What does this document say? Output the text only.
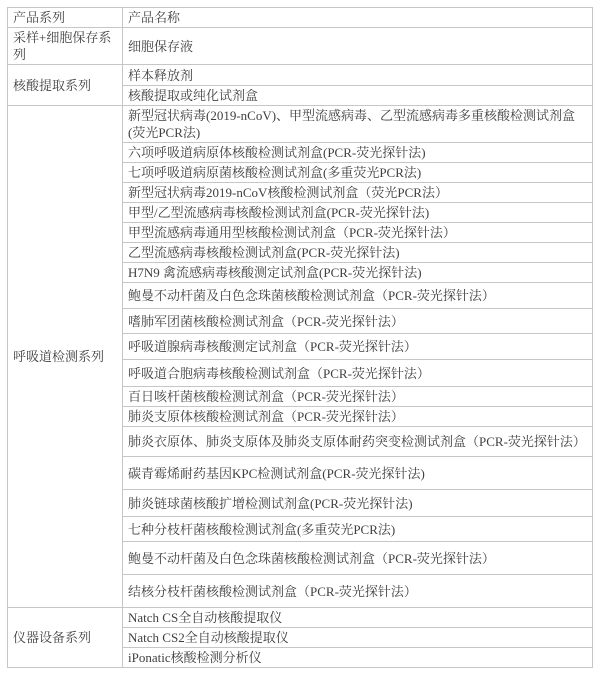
产品系列	产品名称
采样+细胞保存系列	细胞保存液
核酸提取系列	样本释放剂
	核酸提取或纯化试剂盒
呼吸道检测系列	新型冠状病毒(2019-nCoV)、甲型流感病毒、乙型流感病毒多重核酸检测试剂盒(荧光PCR法)
	六项呼吸道病原体核酸检测试剂盒(PCR-荧光探针法)
	七项呼吸道病原菌核酸检测试剂盒(多重荧光PCR法)
	新型冠状病毒2019-nCoV核酸检测试剂盒（荧光PCR法）
	甲型/乙型流感病毒核酸检测试剂盒(PCR-荧光探针法)
	甲型流感病毒通用型核酸检测试剂盒（PCR-荧光探针法）
	乙型流感病毒核酸检测试剂盒(PCR-荧光探针法)
	H7N9 禽流感病毒核酸测定试剂盒(PCR-荧光探针法)
	鲍曼不动杆菌及白色念珠菌核酸检测试剂盒（PCR-荧光探针法）
	嗜肺军团菌核酸检测试剂盒（PCR-荧光探针法）
	呼吸道腺病毒核酸测定试剂盒（PCR-荧光探针法）
	呼吸道合胞病毒核酸检测试剂盒（PCR-荧光探针法）
	百日咳杆菌核酸检测试剂盒（PCR-荧光探针法）
	肺炎支原体核酸检测试剂盒（PCR-荧光探针法）
	肺炎衣原体、肺炎支原体及肺炎支原体耐药突变检测试剂盒（PCR-荧光探针法）
	碳青霉烯耐药基因KPC检测试剂盒(PCR-荧光探针法)
	肺炎链球菌核酸扩增检测试剂盒(PCR-荧光探针法)
	七种分枝杆菌核酸检测试剂盒(多重荧光PCR法)
	鲍曼不动杆菌及白色念珠菌核酸检测试剂盒（PCR-荧光探针法）
	结核分枝杆菌核酸检测试剂盒（PCR-荧光探针法）
仪器设备系列	Natch CS全自动核酸提取仪
	Natch CS2全自动核酸提取仪
	iPonatic核酸检测分析仪
